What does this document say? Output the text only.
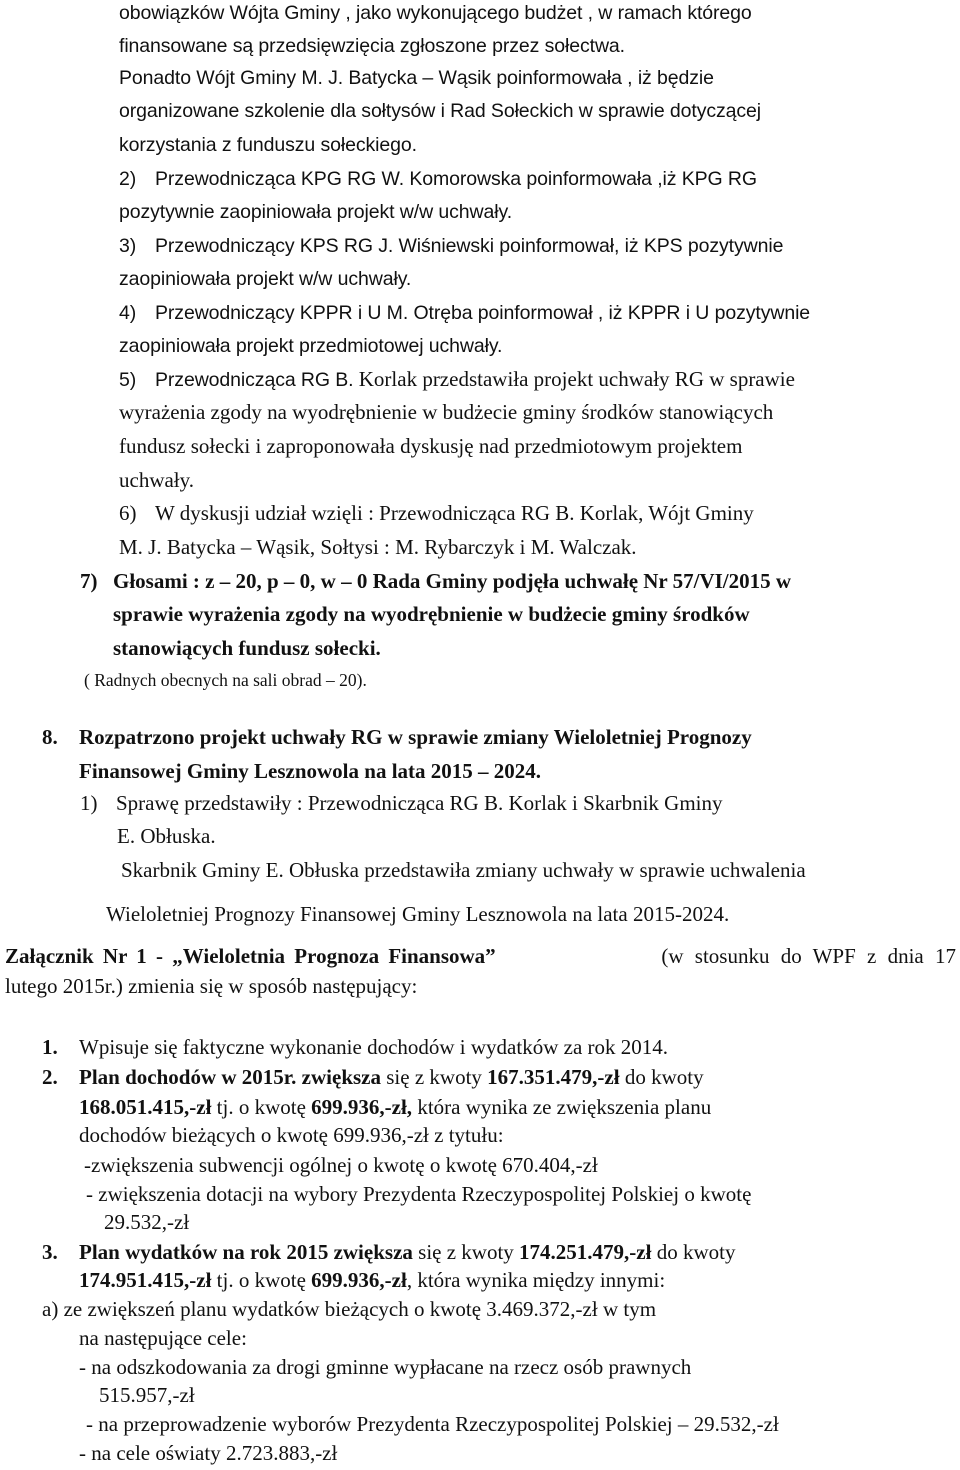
obowiązków Wójta Gminy , jako wykonującego budżet , w ramach którego
finansowane są przedsięwzięcia zgłoszone przez sołectwa.
Ponadto Wójt Gminy M. J. Batycka – Wąsik poinformowała , iż będzie
organizowane szkolenie dla sołtysów i Rad Sołeckich w sprawie dotyczącej
korzystania z funduszu sołeckiego.
2) Przewodnicząca KPG RG W. Komorowska poinformowała ,iż KPG RG
pozytywnie zaopiniowała projekt w/w uchwały.
3) Przewodniczący KPS RG J. Wiśniewski poinformował, iż KPS pozytywnie
zaopiniowała projekt w/w uchwały.
4) Przewodniczący KPPR i U M. Otręba poinformował , iż KPPR i U pozytywnie
zaopiniowała projekt przedmiotowej uchwały.
5) Przewodnicząca RG B. Korlak przedstawiła projekt uchwały RG w sprawie
wyrażenia zgody na wyodrębnienie w budżecie gminy środków stanowiących
fundusz sołecki i zaproponowała dyskusję nad przedmiotowym projektem
uchwały.
6) W dyskusji udział wzięli : Przewodnicząca RG B. Korlak, Wójt Gminy
M. J. Batycka – Wąsik, Sołtysi : M. Rybarczyk i M. Walczak.
7) Głosami : z – 20, p – 0, w – 0 Rada Gminy podjęła uchwałę Nr 57/VI/2015 w
sprawie wyrażenia zgody na wyodrębnienie w budżecie gminy środków
stanowiących fundusz sołecki.
( Radnych obecnych na sali obrad – 20).
8. Rozpatrzono projekt uchwały RG w sprawie zmiany Wieloletniej Prognozy
Finansowej Gminy Lesznowola na lata 2015 – 2024.
1) Sprawę przedstawiły : Przewodnicząca RG B. Korlak i Skarbnik Gminy
E. Obłuska.
Skarbnik Gminy E. Obłuska przedstawiła zmiany uchwały w sprawie uchwalenia
Wieloletniej Prognozy Finansowej Gminy Lesznowola na lata 2015-2024.
Załącznik Nr 1 - „Wieloletnia Prognoza Finansowa”	(w stosunku do WPF z dnia 17
lutego 2015r.) zmienia się w sposób następujący:
1. Wpisuje się faktyczne wykonanie dochodów i wydatków za rok 2014.
2. Plan dochodów w 2015r. zwiększa się z kwoty 167.351.479,-zł do kwoty
168.051.415,-zł tj. o kwotę 699.936,-zł, która wynika ze zwiększenia planu
dochodów bieżących o kwotę 699.936,-zł z tytułu:
-zwiększenia subwencji ogólnej o kwotę o kwotę 670.404,-zł
- zwiększenia dotacji na wybory Prezydenta Rzeczypospolitej Polskiej o kwotę
29.532,-zł
3. Plan wydatków na rok 2015 zwiększa się z kwoty 174.251.479,-zł do kwoty
174.951.415,-zł tj. o kwotę 699.936,-zł, która wynika między innymi:
a) ze zwiększeń planu wydatków bieżących o kwotę 3.469.372,-zł w tym
na następujące cele:
- na odszkodowania za drogi gminne wypłacane na rzecz osób prawnych
515.957,-zł
- na przeprowadzenie wyborów Prezydenta Rzeczypospolitej Polskiej – 29.532,-zł
- na cele oświaty 2.723.883,-zł
